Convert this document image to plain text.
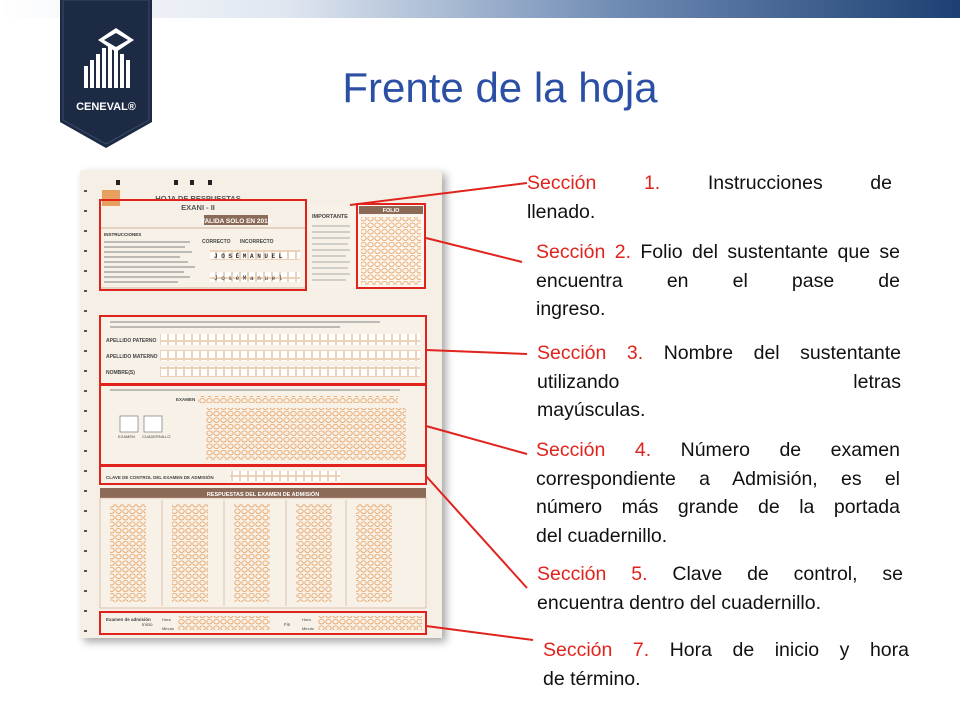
CENEVAL®	Frente de la hoja
HOJA DE RESPUESTAS
EXANI - II
VALIDA SOLO EN 2016
INSTRUCCIONES
CORRECTO INCORRECTO
J O S É M A N U E L
J o s é M a n u e l
IMPORTANTE
FOLIO
APELLIDO PATERNO
APELLIDO MATERNO
NOMBRE(S)
EXAMEN
EXAMEN CUADERNILLO
CLAVE DE CONTROL DEL EXAMEN DE ADMISIÓN
RESPUESTAS DEL EXAMEN DE ADMISIÓN
Examen de admisión
Inicio
Hora
Minuto
Fin
Hora
Minuto
Sección 1. Instrucciones de
llenado.
Sección 2. Folio del sustentante que se encuentra en el pase de
ingreso.
Sección 3. Nombre del sustentante utilizando letras
mayúsculas.
Sección 4. Número de examen correspondiente a Admisión, es el número más grande de la portada
del cuadernillo.
Sección 5. Clave de control, se
encuentra dentro del cuadernillo.
Sección 7. Hora de inicio y hora
de término.
